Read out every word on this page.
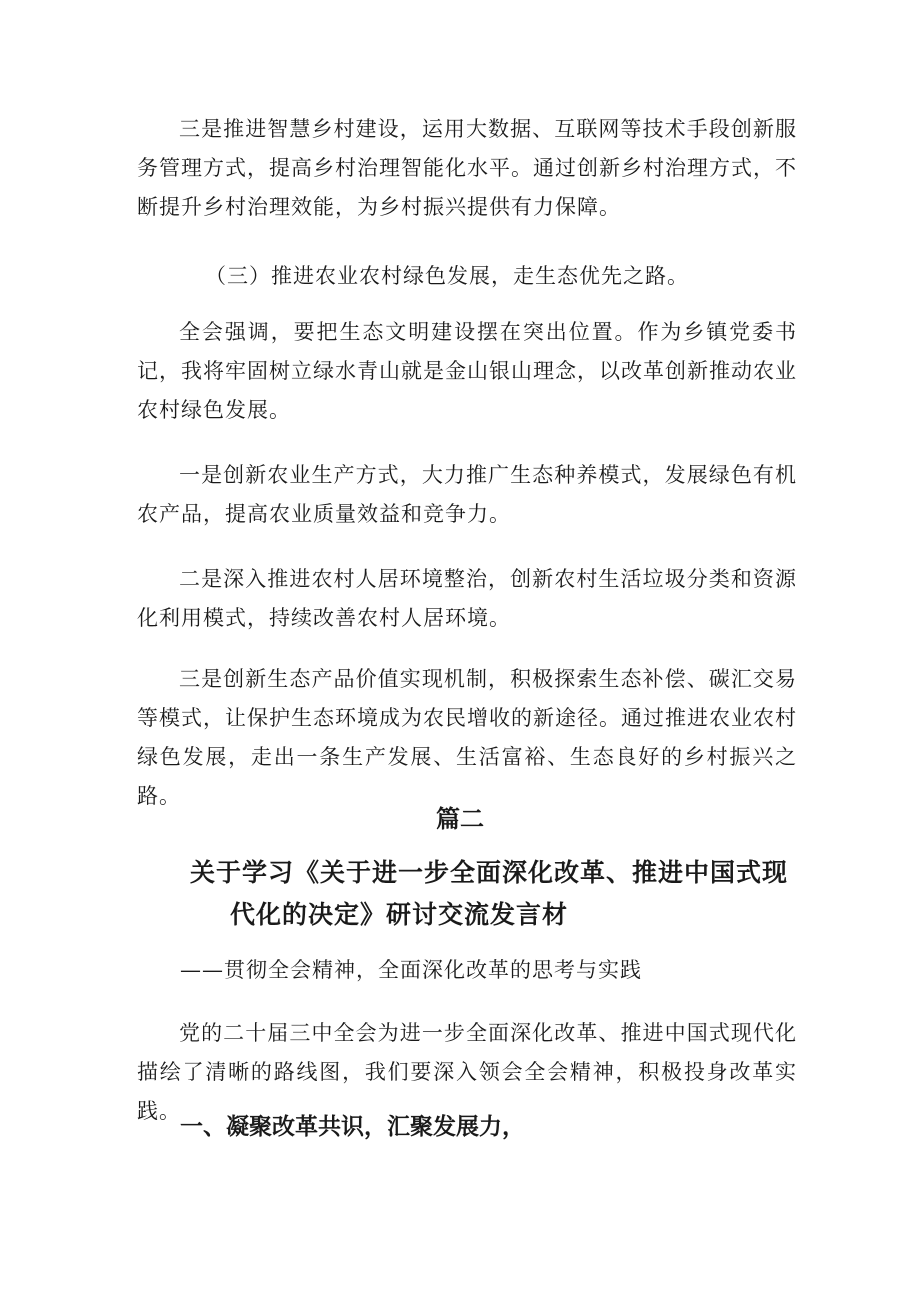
三是推进智慧乡村建设，运用大数据、互联网等技术手段创新服务管理方式，提高乡村治理智能化水平。通过创新乡村治理方式，不断提升乡村治理效能，为乡村振兴提供有力保障。

（三）推进农业农村绿色发展，走生态优先之路。

全会强调，要把生态文明建设摆在突出位置。作为乡镇党委书记，我将牢固树立绿水青山就是金山银山理念，以改革创新推动农业农村绿色发展。

一是创新农业生产方式，大力推广生态种养模式，发展绿色有机农产品，提高农业质量效益和竞争力。

二是深入推进农村人居环境整治，创新农村生活垃圾分类和资源化利用模式，持续改善农村人居环境。

三是创新生态产品价值实现机制，积极探索生态补偿、碳汇交易等模式，让保护生态环境成为农民增收的新途径。通过推进农业农村绿色发展，走出一条生产发展、生活富裕、生态良好的乡村振兴之路。

篇二
关于学习《关于进一步全面深化改革、推进中国式现
代化的决定》研讨交流发言材

——贯彻全会精神，全面深化改革的思考与实践

党的二十届三中全会为进一步全面深化改革、推进中国式现代化描绘了清晰的路线图，我们要深入领会全会精神，积极投身改革实践。

一、凝聚改革共识，汇聚发展力，
